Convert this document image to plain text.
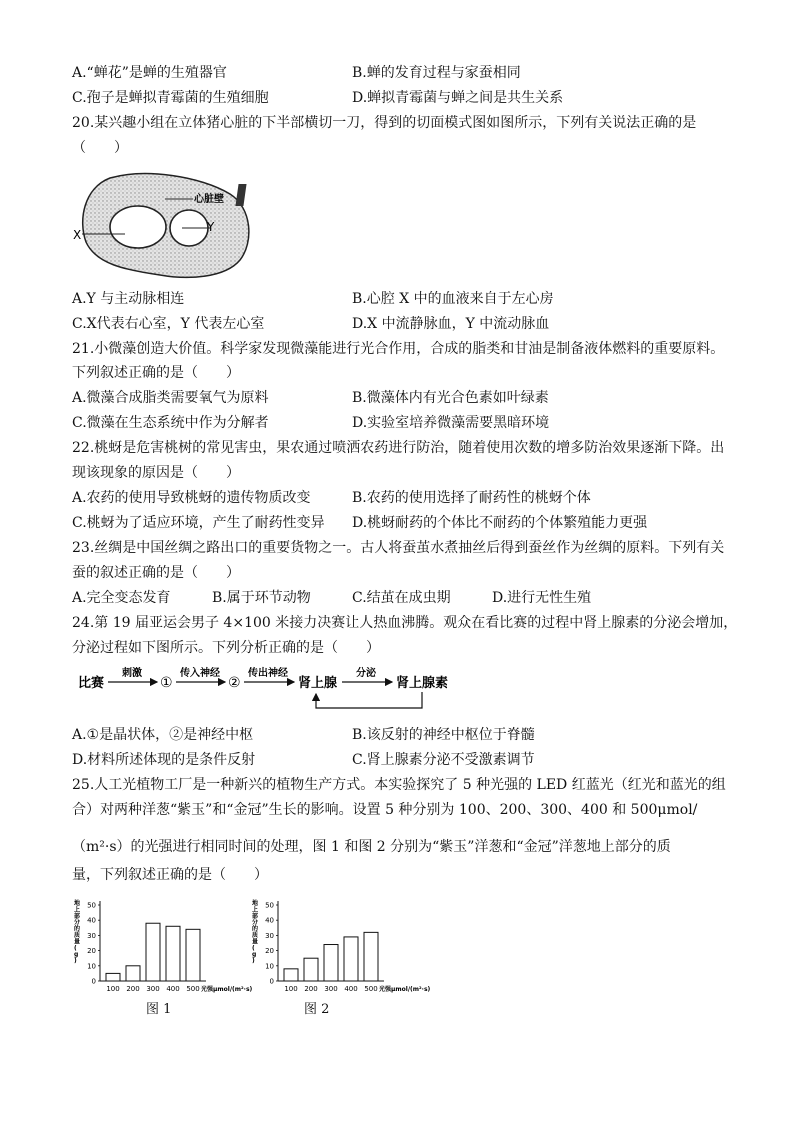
A.“蝉花”是蝉的生殖器官	B.蝉的发育过程与家蚕相同
C.孢子是蝉拟青霉菌的生殖细胞	D.蝉拟青霉菌与蝉之间是共生关系
20.某兴趣小组在立体猪心脏的下半部横切一刀，得到的切面模式图如图所示，下列有关说法正确的是
（　　）
X
Y
心脏壁
A.Y 与主动脉相连	B.心腔 X 中的血液来自于左心房
C.X代表右心室，Y 代表左心室	D.X 中流静脉血，Y 中流动脉血
21.小微藻创造大价值。科学家发现微藻能进行光合作用，合成的脂类和甘油是制备液体燃料的重要原料。
下列叙述正确的是（　　）
A.微藻合成脂类需要氧气为原料	B.微藻体内有光合色素如叶绿素
C.微藻在生态系统中作为分解者	D.实验室培养微藻需要黑暗环境
22.桃蚜是危害桃树的常见害虫，果农通过喷洒农药进行防治，随着使用次数的增多防治效果逐渐下降。出
现该现象的原因是（　　）
A.农药的使用导致桃蚜的遗传物质改变	B.农药的使用选择了耐药性的桃蚜个体
C.桃蚜为了适应环境，产生了耐药性变异 D.桃蚜耐药的个体比不耐药的个体繁殖能力更强
23.丝绸是中国丝绸之路出口的重要货物之一。古人将蚕茧水煮抽丝后得到蚕丝作为丝绸的原料。下列有关
蚕的叙述正确的是（　　）
A.完全变态发育	B.属于环节动物	C.结茧在成虫期	D.进行无性生殖
24.第 19 届亚运会男子 4×100 米接力决赛让人热血沸腾。观众在看比赛的过程中肾上腺素的分泌会增加，
分泌过程如下图所示。下列分析正确的是（　　）
比赛
刺激
①
传入神经
②
传出神经
肾上腺
分泌
肾上腺素
A.①是晶状体，②是神经中枢	B.该反射的神经中枢位于脊髓
D.材料所述体现的是条件反射	C.肾上腺素分泌不受激素调节
25.人工光植物工厂是一种新兴的植物生产方式。本实验探究了 5 种光强的 LED 红蓝光（红光和蓝光的组
合）对两种洋葱“紫玉”和“金冠”生长的影响。设置 5 种分别为 100、200、300、400 和 500μmol/
（m²·s）的光强进行相同时间的处理，图 1 和图 2 分别为“紫玉”洋葱和“金冠”洋葱地上部分的质
量，下列叙述正确的是（　　）
地
上
部
分
的
质
量
(
g
)
0
10
20
30
40
50
100 200 300 400 500 光强μmol/(m²·s)
地
上
部
分
的
质
量
(
g
)
0
10
20
30
40
50
100 200 300 400 500 光强μmol/(m²·s)
图 1	图 2
